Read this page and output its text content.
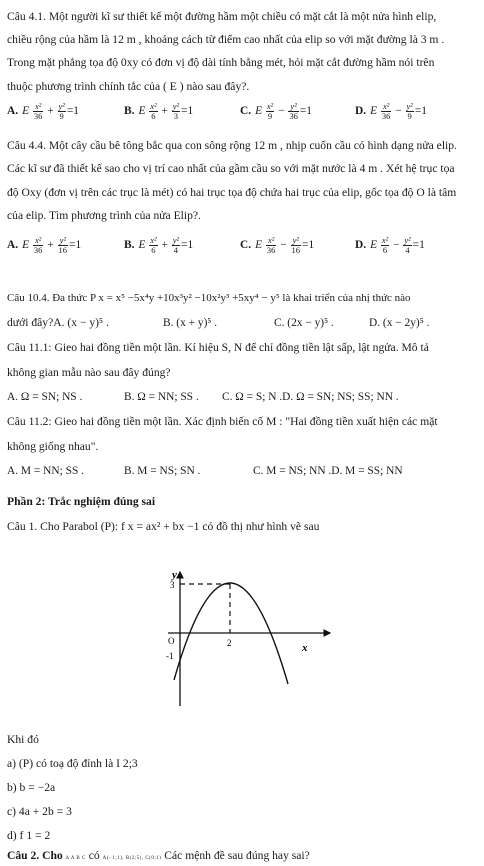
Câu 4.1. Một người kĩ sư thiết kế một đường hầm một chiều có mặt cắt là một nửa hình elip,
chiều rộng của hầm là 12 m , khoảng cách từ điểm cao nhất của elip so với mặt đường là 3 m .
Trong mặt phẳng tọa độ 0xy có đơn vị độ dài tính bằng mét, hỏi mặt cắt đường hầm nói trên
thuộc phương trình chính tắc của ( E ) nào sau đây?.
A. E $\frac{\text{x²}}{36} + \frac{\text{y²}}{9} =1$	B. E $\frac{\text{x²}}{6} + \frac{\text{y²}}{3} =1$	C. E $\frac{\text{x²}}{9} - \frac{\text{y²}}{36} =1$	D. E $\frac{\text{x²}}{36} - \frac{\text{y²}}{9} =1$
Câu 4.4. Một cây cầu bê tông bắc qua con sông rộng 12 m , nhịp cuốn cầu có hình dạng nửa elip.
Các kĩ sư đã thiết kế sao cho vị trí cao nhất của gầm cầu so với mặt nước là 4 m . Xét hệ trục tọa
độ Oxy (đơn vị trên các trục là mét) có hai trục tọa độ chứa hai trục của elip, gốc tọa độ O là tâm
của elip. Tìm phương trình của nửa Elip?.
A. E $\frac{\text{x²}}{36} + \frac{\text{y²}}{16} =1$	B. E $\frac{\text{x²}}{6} + \frac{\text{y²}}{4} =1$	C. E $\frac{\text{x²}}{36} - \frac{\text{y²}}{16} =1$	D. E $\frac{\text{x²}}{6} - \frac{\text{y²}}{4} =1$
Câu 10.4. Đa thức P x = x⁵ −5x⁴y +10x³y² −10x²y³ +5xy⁴ − y⁵ là khai triển của nhị thức nào
dưới đây?A. (x − y)⁵ .	B. (x + y)⁵ .	C. (2x − y)⁵ .	D. (x − 2y)⁵ .
Câu 11.1: Gieo hai đồng tiền một lần. Kí hiệu S, N để chỉ đồng tiền lật sấp, lật ngửa. Mô tả
không gian mẫu nào sau đây đúng?
A. Ω = SN; NS .	B. Ω = NN; SS . C. Ω = S; N .D. Ω = SN; NS; SS; NN .
Câu 11.2: Gieo hai đồng tiền một lần. Xác định biến cố M : "Hai đồng tiền xuất hiện các mặt
không giống nhau".
A. M = NN; SS .	B. M = NS; SN .	C. M = NS; NN .D. M = SS; NN
Phần 2: Trắc nghiệm đúng sai
Câu 1. Cho Parabol (P): f x = ax² + bx −1 có đồ thị như hình vẽ sau
y
x
3
2
O
-1
Khi đó
a) (P) có toạ độ đỉnh là I 2;3
b) b = −2a
c) 4a + 2b = 3
d) f 1 = 2
Câu 2. Cho Δ A B C có A(−1;1), B(2;5), C(0;1) Các mệnh đề sau đúng hay sai?
